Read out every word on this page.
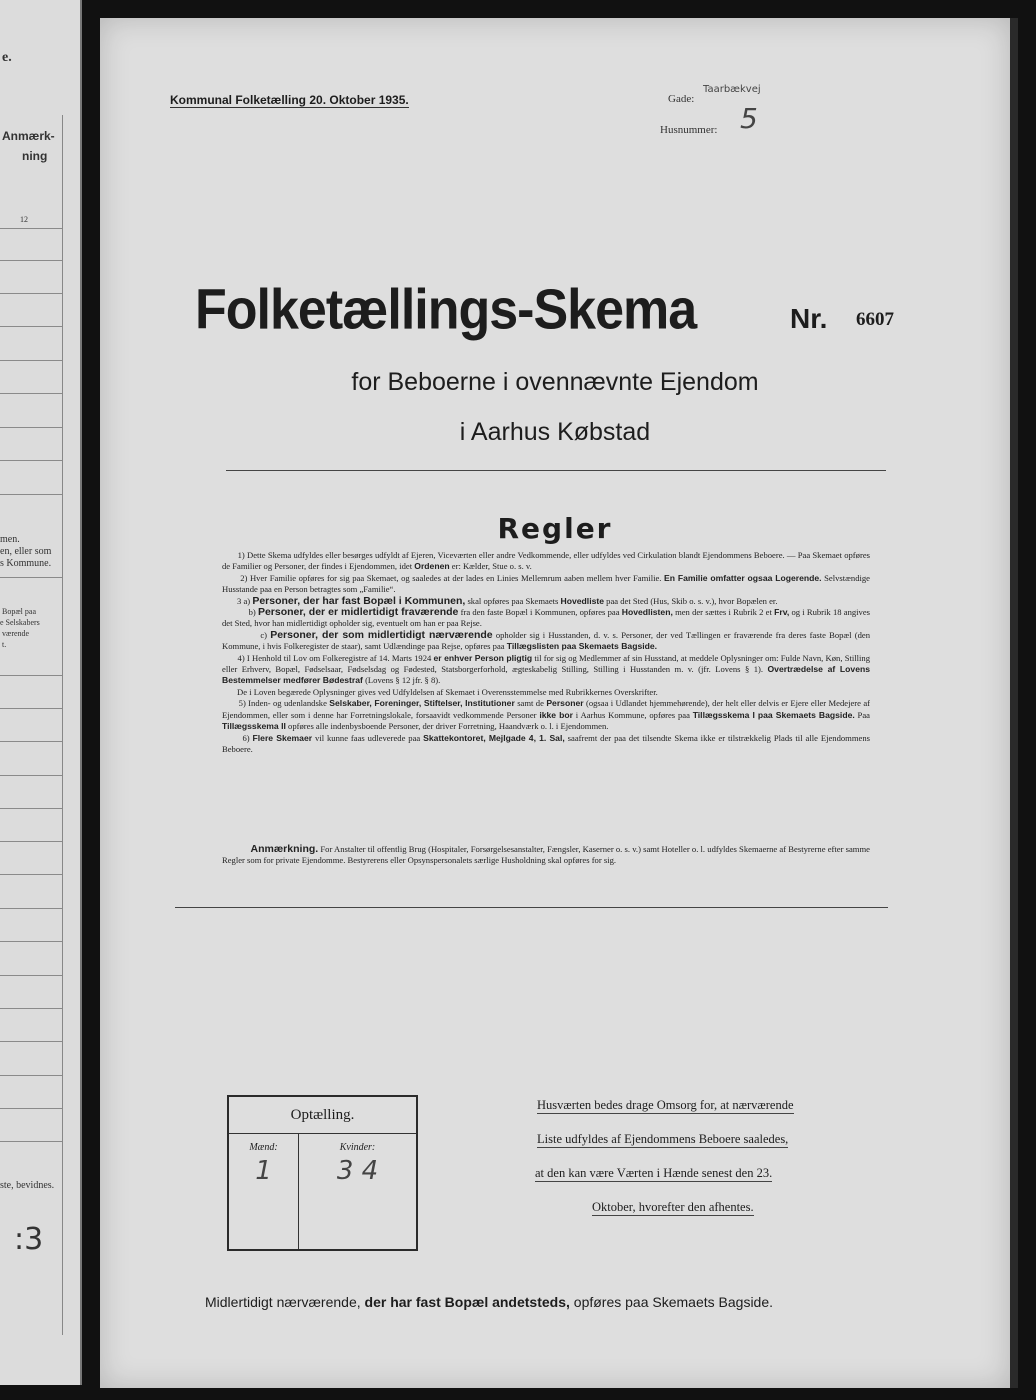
e.
Anmærk-
ning
12
men.
en, eller som
s Kommune.
Bopæl paa
e Selskabers
værende
t.
ste, bevidnes.
:3
Kommunal Folketælling 20. Oktober 1935.	Gade:
Taarbækvej
Husnummer: 5
Folketællings-Skema	Nr. 6607
for Beboerne i ovennævnte Ejendom
i Aarhus Købstad
Regler

1) Dette Skema udfyldes eller besørges udfyldt af Ejeren, Viceværten eller andre Vedkommende, eller udfyldes ved Cirkulation blandt Ejendommens Beboere. — Paa Skemaet opføres de Familier og Personer, der findes i Ejendommen, idet Ordenen er: Kælder, Stue o. s. v.

2) Hver Familie opføres for sig paa Skemaet, og saaledes at der lades en Linies Mellemrum aaben mellem hver Familie. En Familie omfatter ogsaa Logerende. Selvstændige Husstande paa en Person betragtes som „Familie“.

3 a) Personer, der har fast Bopæl i Kommunen, skal opføres paa Skemaets Hovedliste paa det Sted (Hus, Skib o. s. v.), hvor Bopælen er.

b) Personer, der er midlertidigt fraværende fra den faste Bopæl i Kommunen, opføres paa Hovedlisten, men der sættes i Rubrik 2 et Frv, og i Rubrik 18 angives det Sted, hvor han midlertidigt opholder sig, eventuelt om han er paa Rejse.

c) Personer, der som midlertidigt nærværende opholder sig i Husstanden, d. v. s. Personer, der ved Tællingen er fraværende fra deres faste Bopæl (den Kommune, i hvis Folkeregister de staar), samt Udlændinge paa Rejse, opføres paa Tillægslisten paa Skemaets Bagside.

4) I Henhold til Lov om Folkeregistre af 14. Marts 1924 er enhver Person pligtig til for sig og Medlemmer af sin Husstand, at meddele Oplysninger om: Fulde Navn, Køn, Stilling eller Erhverv, Bopæl, Fødselsaar, Fødselsdag og Fødested, Statsborgerforhold, ægteskabelig Stilling, Stilling i Husstanden m. v. (jfr. Lovens § 1). Overtrædelse af Lovens Bestemmelser medfører Bødestraf (Lovens § 12 jfr. § 8).

De i Loven begærede Oplysninger gives ved Udfyldelsen af Skemaet i Overensstemmelse med Rubrikkernes Overskrifter.

5) Inden- og udenlandske Selskaber, Foreninger, Stiftelser, Institutioner samt de Personer (ogsaa i Udlandet hjemmehørende), der helt eller delvis er Ejere eller Medejere af Ejendommen, eller som i denne har Forretningslokale, forsaavidt vedkommende Personer ikke bor i Aarhus Kommune, opføres paa Tillægsskema I paa Skemaets Bagside. Paa Tillægsskema II opføres alle indenbysboende Personer, der driver Forretning, Haandværk o. l. i Ejendommen.

6) Flere Skemaer vil kunne faas udleverede paa Skattekontoret, Mejlgade 4, 1. Sal, saafremt der paa det tilsendte Skema ikke er tilstrækkelig Plads til alle Ejendommens Beboere.

Anmærkning. For Anstalter til offentlig Brug (Hospitaler, Forsørgelsesanstalter, Fængsler, Kaserner o. s. v.) samt Hoteller o. l. udfyldes Skemaerne af Bestyrerne efter samme Regler som for private Ejendomme. Bestyrerens eller Opsynspersonalets særlige Husholdning skal opføres for sig.
Optælling.
Mænd:
1
Kvinder:
3 4
Husværten bedes drage Omsorg for, at nærværende
Liste udfyldes af Ejendommens Beboere saaledes,
at den kan være Værten i Hænde senest den 23.
Oktober, hvorefter den afhentes.
Midlertidigt nærværende, der har fast Bopæl andetsteds, opføres paa Skemaets Bagside.
